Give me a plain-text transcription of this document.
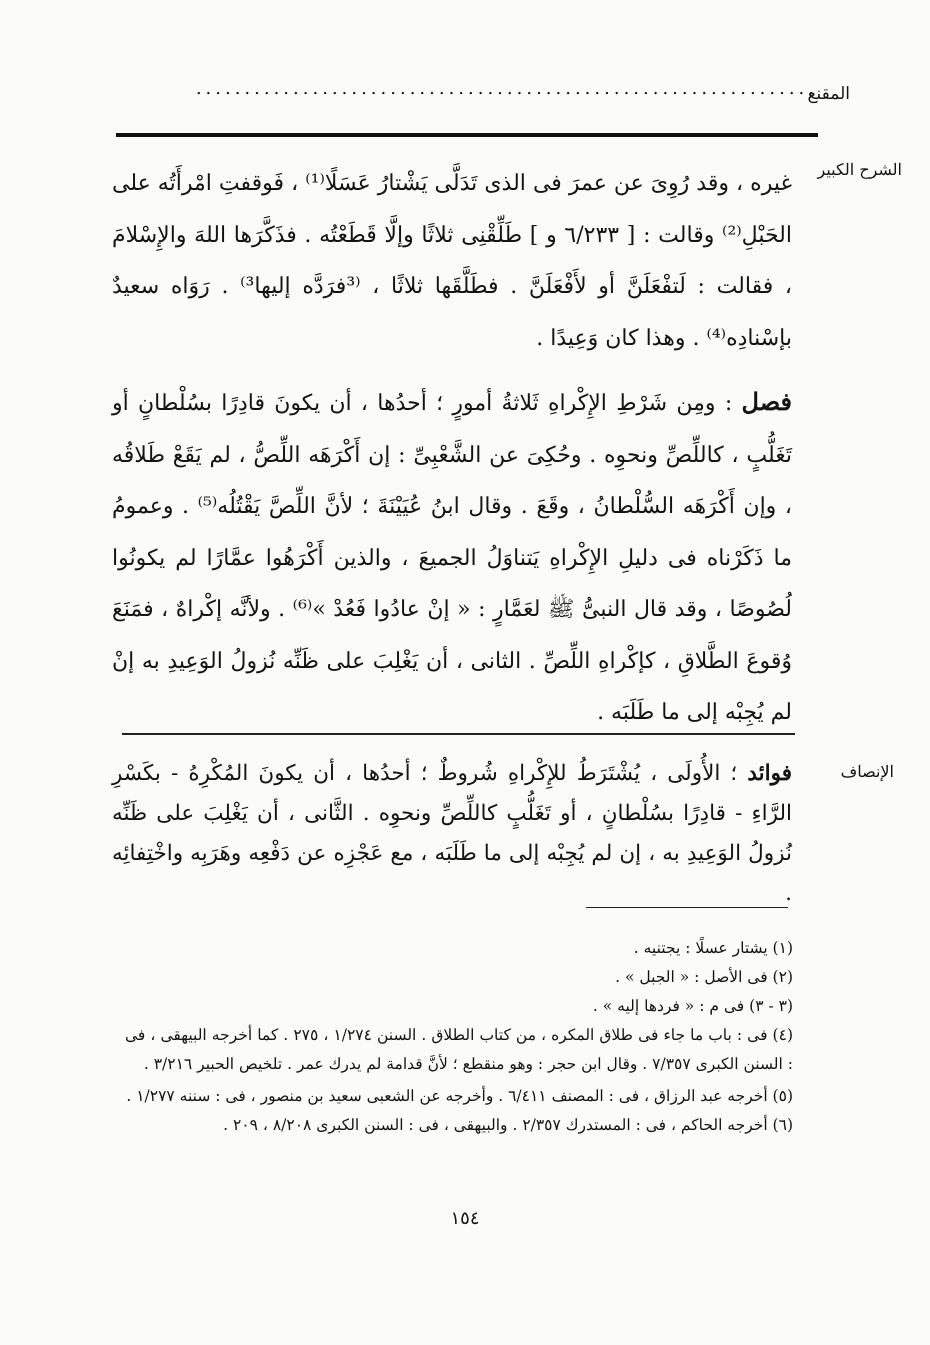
المقنع
................................................................
الشرح الكبير
الإنصاف
غيره ، وقد رُوِىَ عن عمرَ فى الذى تَدَلَّى يَشْتارُ عَسَلًا⁽¹⁾ ، فَوقفتِ امْرأَتُه على الحَبْلِ⁽²⁾ وقالت : [ ٦/٢٣٣ و ] طَلِّقْنِى ثلاثًا وإلَّا قَطَعْتُه . فذَكَّرَها اللهَ والإِسْلامَ ، فقالت : لَتفْعَلَنَّ أو لأَفْعَلَنَّ . فطَلَّقَها ثلاثًا ، ⁽³فرَدَّه إليها³⁾ . رَوَاه سعيدٌ بإسْنادِه⁽⁴⁾ . وهذا كان وَعِيدًا .
فصل : ومِن شَرْطِ الإِكْراهِ ثَلاثةُ أمورٍ ؛ أحدُها ، أن يكونَ قادِرًا بسُلْطانٍ أو تَغَلُّبٍ ، كاللِّصِّ ونحوِه . وحُكِىَ عن الشَّعْبِىِّ : إن أَكْرَهَه اللِّصُّ ، لم يَقَعْ طَلاقُه ، وإن أَكْرَهَه السُّلْطانُ ، وقَعَ . وقال ابنُ عُيَيْنَةَ ؛ لأنَّ اللِّصَّ يَقْتُلُه⁽⁵⁾ . وعمومُ ما ذَكَرْناه فى دليلِ الإِكْراهِ يَتناوَلُ الجميعَ ، والذين أَكْرَهُوا عمَّارًا لم يكونُوا لُصُوصًا ، وقد قال النبىُّ ﷺ لعَمَّارٍ : « إنْ عادُوا فَعُدْ »⁽⁶⁾ . ولأنَّه إكْراهٌ ، فمَنَعَ وُقوعَ الطَّلاقِ ، كإكْراهِ اللِّصِّ . الثانى ، أن يَغْلِبَ على ظَنِّه نُزولُ الوَعِيدِ به إنْ لم يُجِبْه إلى ما طَلَبَه .
فوائد ؛ الأُولَى ، يُشْتَرَطُ للإِكْراهِ شُروطٌ ؛ أحدُها ، أن يكونَ المُكْرِهُ - بكَسْرِ الرَّاءِ - قادِرًا بسُلْطانٍ ، أو تَغَلُّبٍ كاللِّصِّ ونحوِه . الثَّانى ، أن يَغْلِبَ على ظَنِّه نُزولُ الوَعِيدِ به ، إن لم يُجِبْه إلى ما طَلَبَه ، مع عَجْزِه عن دَفْعِه وهَرَبِه واخْتِفائِه .
(١) يشتار عسلًا : يجتنيه .
(٢) فى الأصل : « الجبل » .
(٣ - ٣) فى م : « فردها إليه » .
(٤) فى : باب ما جاء فى طلاق المكره ، من كتاب الطلاق . السنن ١/٢٧٤ ، ٢٧٥ . كما أخرجه البيهقى ، فى : السنن الكبرى ٧/٣٥٧ . وقال ابن حجر : وهو منقطع ؛ لأنَّ قدامة لم يدرك عمر . تلخيص الحبير ٣/٢١٦ .
(٥) أخرجه عبد الرزاق ، فى : المصنف ٦/٤١١ . وأخرجه عن الشعبى سعيد بن منصور ، فى : سننه ١/٢٧٧ .
(٦) أخرجه الحاكم ، فى : المستدرك ٢/٣٥٧ . والبيهقى ، فى : السنن الكبرى ٨/٢٠٨ ، ٢٠٩ .
١٥٤
